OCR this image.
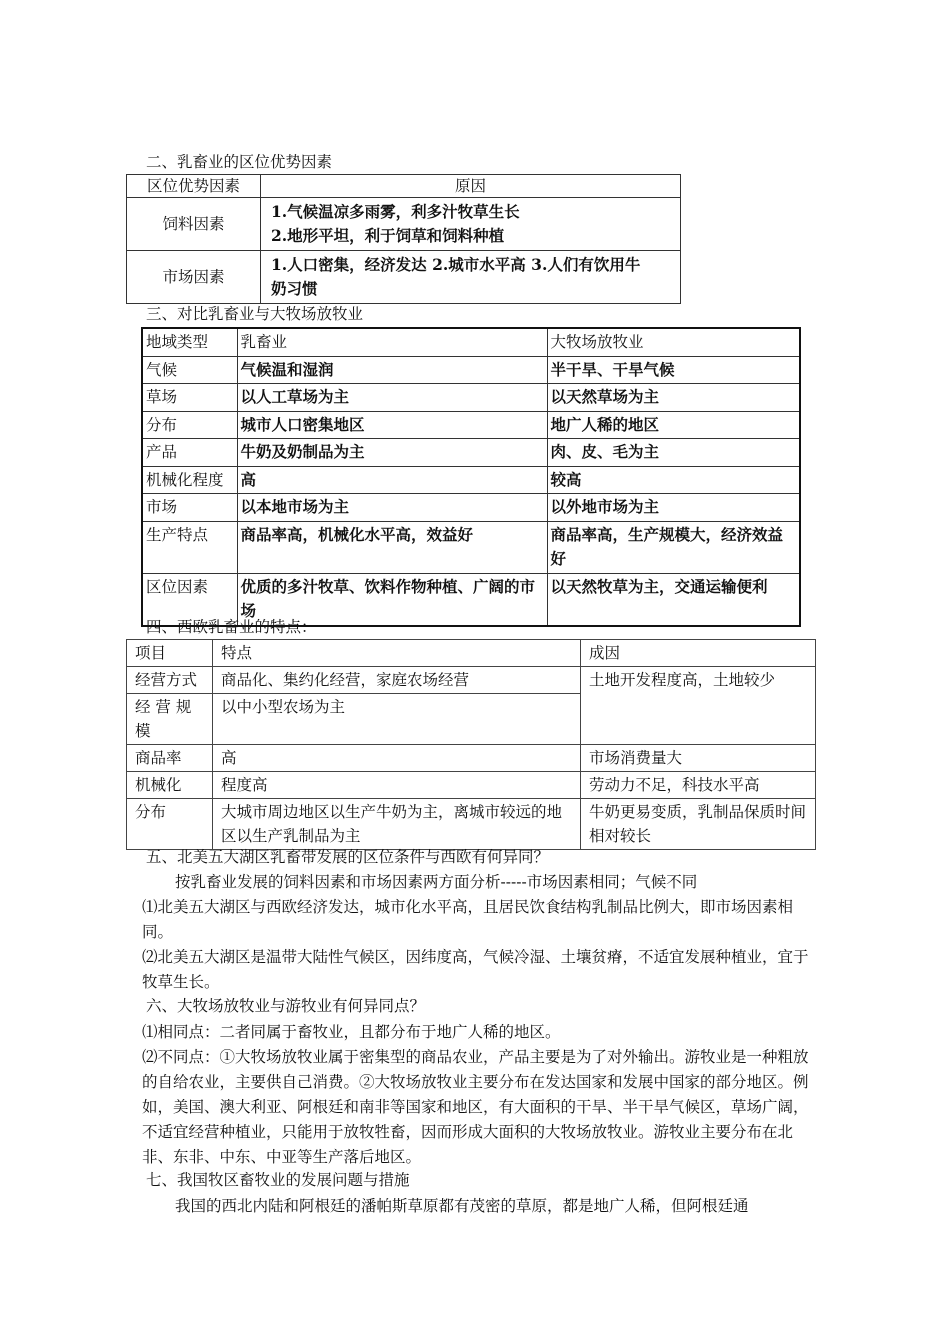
二、乳畜业的区位优势因素
区位优势因素	原因
饲料因素	1.气候温凉多雨雾，利多汁牧草生长
2.地形平坦，利于饲草和饲料种植

市场因素	1.人口密集，经济发达 2.城市水平高 3.人们有饮用牛
奶习惯
三、对比乳畜业与大牧场放牧业
地域类型	乳畜业	大牧场放牧业
气候	气候温和湿润	半干旱、干旱气候
草场	以人工草场为主	以天然草场为主
分布	城市人口密集地区	地广人稀的地区
产品	牛奶及奶制品为主	肉、皮、毛为主
机械化程度	高	较高
市场	以本地市场为主	以外地市场为主
生产特点	商品率高，机械化水平高，效益好	商品率高，生产规模大，经济效益好
区位因素	优质的多汁牧草、饮料作物种植、广阔的市场	以天然牧草为主，交通运输便利
四、西欧乳畜业的特点：
项目	特点	成因
经营方式	商品化、集约化经营，家庭农场经营	土地开发程度高，土地较少
经 营 规 模	以中小型农场为主	
商品率	高	市场消费量大
机械化	程度高	劳动力不足，科技水平高
分布	大城市周边地区以生产牛奶为主，离城市较远的地区以生产乳制品为主	牛奶更易变质，乳制品保质时间相对较长
五、北美五大湖区乳畜带发展的区位条件与西欧有何异同？
按乳畜业发展的饲料因素和市场因素两方面分析-----市场因素相同；气候不同
⑴北美五大湖区与西欧经济发达，城市化水平高，且居民饮食结构乳制品比例大，即市场因素相同。
⑵北美五大湖区是温带大陆性气候区，因纬度高，气候冷湿、土壤贫瘠，不适宜发展种植业，宜于牧草生长。
六、大牧场放牧业与游牧业有何异同点？
⑴相同点：二者同属于畜牧业，且都分布于地广人稀的地区。
⑵不同点：①大牧场放牧业属于密集型的商品农业，产品主要是为了对外输出。游牧业是一种粗放的自给农业，主要供自己消费。②大牧场放牧业主要分布在发达国家和发展中国家的部分地区。例如，美国、澳大利亚、阿根廷和南非等国家和地区，有大面积的干旱、半干旱气候区，草场广阔，不适宜经营种植业，只能用于放牧牲畜，因而形成大面积的大牧场放牧业。游牧业主要分布在北非、东非、中东、中亚等生产落后地区。
七、我国牧区畜牧业的发展问题与措施
我国的西北内陆和阿根廷的潘帕斯草原都有茂密的草原，都是地广人稀，但阿根廷通
